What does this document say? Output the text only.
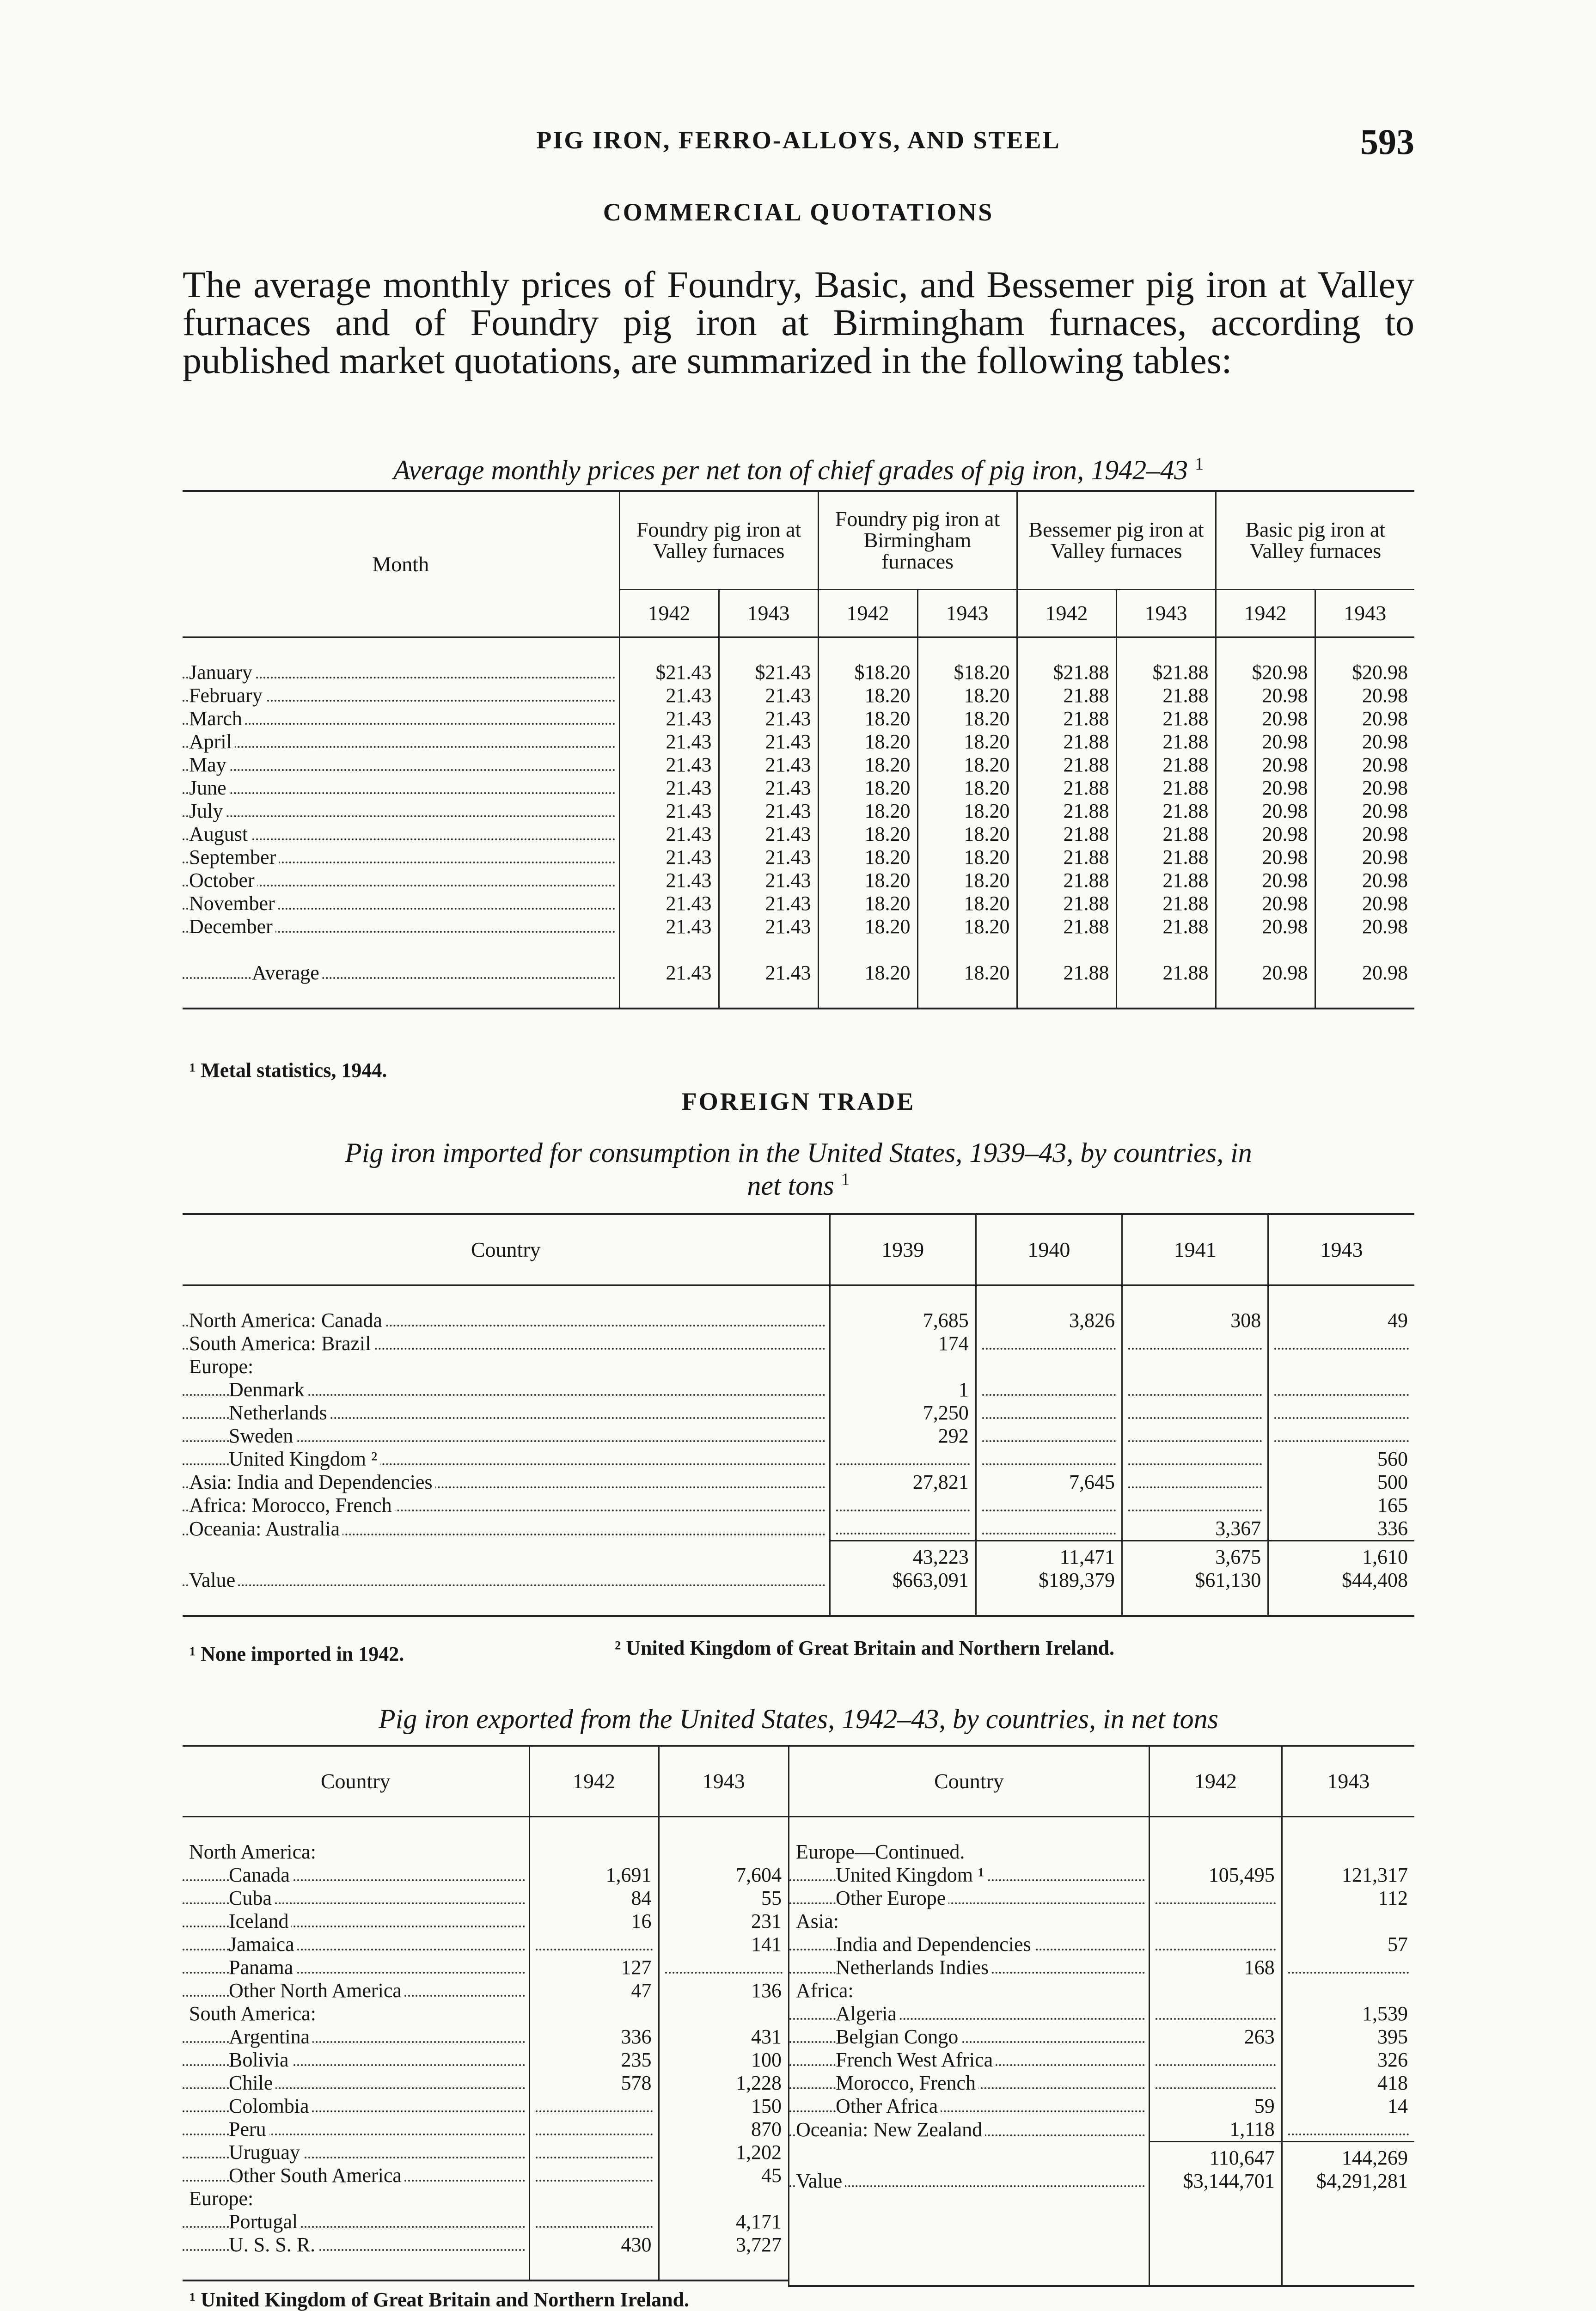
PIG IRON, FERRO-ALLOYS, AND STEEL	593
COMMERCIAL QUOTATIONS
The average monthly prices of Foundry, Basic, and Bessemer pig iron at Valley furnaces and of Foundry pig iron at Birmingham furnaces, according to published market quotations, are summarized in the following tables:
Average monthly prices per net ton of chief grades of pig iron, 1942–43 $^1$
Month	Foundry pig iron at Valley furnaces		Foundry pig iron at Birmingham furnaces		Bessemer pig iron at Valley furnaces		Basic pig iron at Valley furnaces	
	1942	1943	1942	1943	1942	1943	1942	1943

January	$21.43	$21.43	$18.20	$18.20	$21.88	$21.88	$20.98	$20.98
February	21.43	21.43	18.20	18.20	21.88	21.88	20.98	20.98
March	21.43	21.43	18.20	18.20	21.88	21.88	20.98	20.98
April	21.43	21.43	18.20	18.20	21.88	21.88	20.98	20.98
May	21.43	21.43	18.20	18.20	21.88	21.88	20.98	20.98
June	21.43	21.43	18.20	18.20	21.88	21.88	20.98	20.98
July	21.43	21.43	18.20	18.20	21.88	21.88	20.98	20.98
August	21.43	21.43	18.20	18.20	21.88	21.88	20.98	20.98
September	21.43	21.43	18.20	18.20	21.88	21.88	20.98	20.98
October	21.43	21.43	18.20	18.20	21.88	21.88	20.98	20.98
November	21.43	21.43	18.20	18.20	21.88	21.88	20.98	20.98
December	21.43	21.43	18.20	18.20	21.88	21.88	20.98	20.98

Average	21.43	21.43	18.20	18.20	21.88	21.88	20.98	20.98

¹ Metal statistics, 1944.
FOREIGN TRADE
Pig iron imported for consumption in the United States, 1939–43, by countries, in
net tons $^1$
Country	1939	1940	1941	1943

North America: Canada	7,685	3,826	308	49
South America: Brazil	174			
Europe:				
Denmark	1			
Netherlands	7,250			
Sweden	292			
United Kingdom ²				560
Asia: India and Dependencies	27,821	7,645		500
Africa: Morocco, French				165
Oceania: Australia			3,367	336
	43,223	11,471	3,675	1,610
Value	$663,091	$189,379	$61,130	$44,408

¹ None imported in 1942.	² United Kingdom of Great Britain and Northern Ireland.
Pig iron exported from the United States, 1942–43, by countries, in net tons
Country	1942	1943

North America:		
Canada	1,691	7,604
Cuba	84	55
Iceland	16	231
Jamaica		141
Panama	127	
Other North America	47	136
South America:		
Argentina	336	431
Bolivia	235	100
Chile	578	1,228
Colombia		150
Peru		870
Uruguay		1,202
Other South America		45
Europe:		
Portugal		4,171
U. S. S. R.	430	3,727

Country	1942	1943

Europe—Continued.		
United Kingdom ¹	105,495	121,317
Other Europe		112
Asia:		
India and Dependencies		57
Netherlands Indies	168	
Africa:		
Algeria		1,539
Belgian Congo	263	395
French West Africa		326
Morocco, French		418
Other Africa	59	14
Oceania: New Zealand	1,118	
	110,647	144,269
Value	$3,144,701	$4,291,281

¹ United Kingdom of Great Britain and Northern Ireland.
